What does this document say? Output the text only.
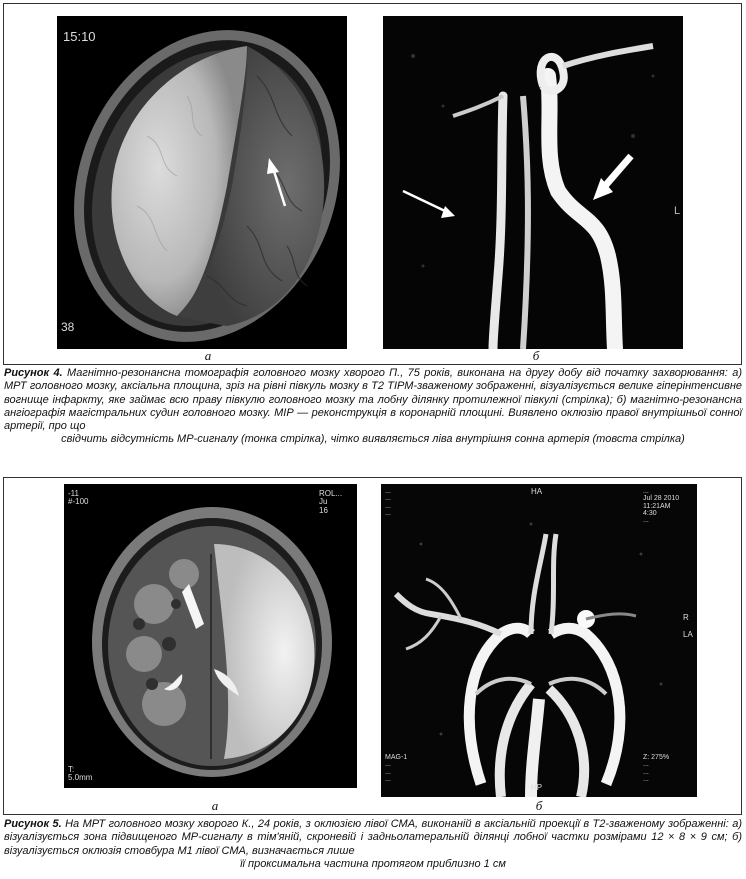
15:10
38
а
L
б
Рисунок 4. Магнітно-резонансна томографія головного мозку хворого П., 75 років, виконана на другу добу від початку захворювання: а) МРТ головного мозку, аксіальна площина, зріз на рівні півкуль мозку в Т2 ТІРМ-зваженому зображенні, візуалізується велике гіперінтенсивне вогнище інфаркту, яке займає всю праву півкулю головного мозку та лобну ділянку протилежної півкулі (стрілка); б) магнітно-резонансна ангіографія магістральних судин головного мозку. МІР — реконструкція в коронарній площині. Виявлено оклюзію правої внутрішньої сонної артерії, про що
свідчить відсутність МР-сигналу (тонка стрілка), чітко виявляється ліва внутрішня сонна артерія (товста стрілка)
-11
#-100
ROL...
Ju
16
T:
5.0mm
а
НА
...
...
...
...
...
Jul 28 2010
11:21AM
4:30
...
R

LA
МАG-1
...
...
...
Z: 275%
...
...
...
НР
б
Рисунок 5. На МРТ головного мозку хворого К., 24 років, з оклюзією лівої СМА, виконаній в аксіальній проекції в Т2-зваженому зображенні: а) візуалізується зона підвищеного МР-сигналу в тім'яній, скроневій і задньолатеральній ділянці лобної частки розмірами 12 × 8 × 9 см; б) візуалізується оклюзія стовбура М1 лівої СМА, визначається лише
її проксимальна частина протягом приблизно 1 см
